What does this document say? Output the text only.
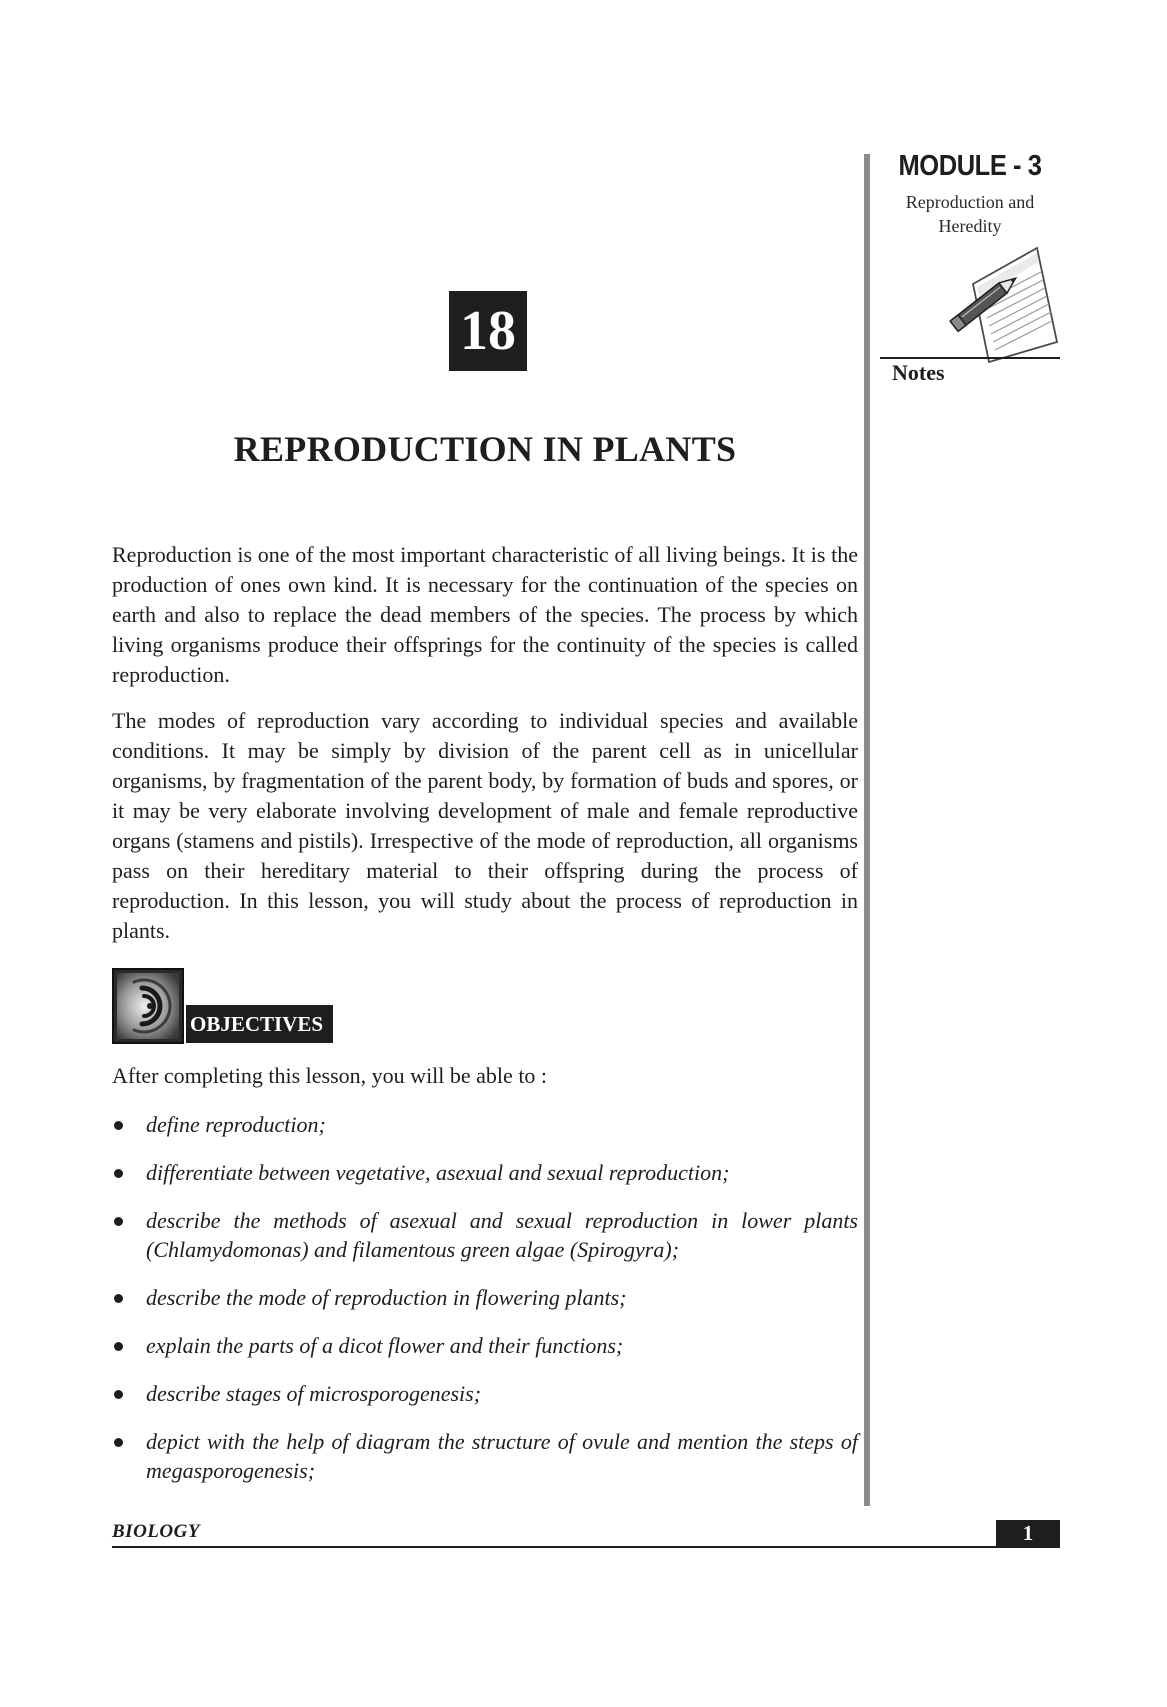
MODULE - 3
Reproduction and
Heredity
Notes
18
REPRODUCTION IN PLANTS

Reproduction is one of the most important characteristic of all living beings. It is the production of ones own kind. It is necessary for the continuation of the species on earth and also to replace the dead members of the species. The process by which living organisms produce their offsprings for the continuity of the species is called reproduction.

The modes of reproduction vary according to individual species and available conditions. It may be simply by division of the parent cell as in unicellular organisms, by fragmentation of the parent body, by formation of buds and spores, or it may be very elaborate involving development of male and female reproductive organs (stamens and pistils). Irrespective of the mode of reproduction, all organisms pass on their hereditary material to their offspring during the process of reproduction. In this lesson, you will study about the process of reproduction in plants.

OBJECTIVES

After completing this lesson, you will be able to :

define reproduction;
differentiate between vegetative, asexual and sexual reproduction;
describe the methods of asexual and sexual reproduction in lower plants (Chlamydomonas) and filamentous green algae (Spirogyra);
describe the mode of reproduction in flowering plants;
explain the parts of a dicot flower and their functions;
describe stages of microsporogenesis;
depict with the help of diagram the structure of ovule and mention the steps of megasporogenesis;
BIOLOGY	1
